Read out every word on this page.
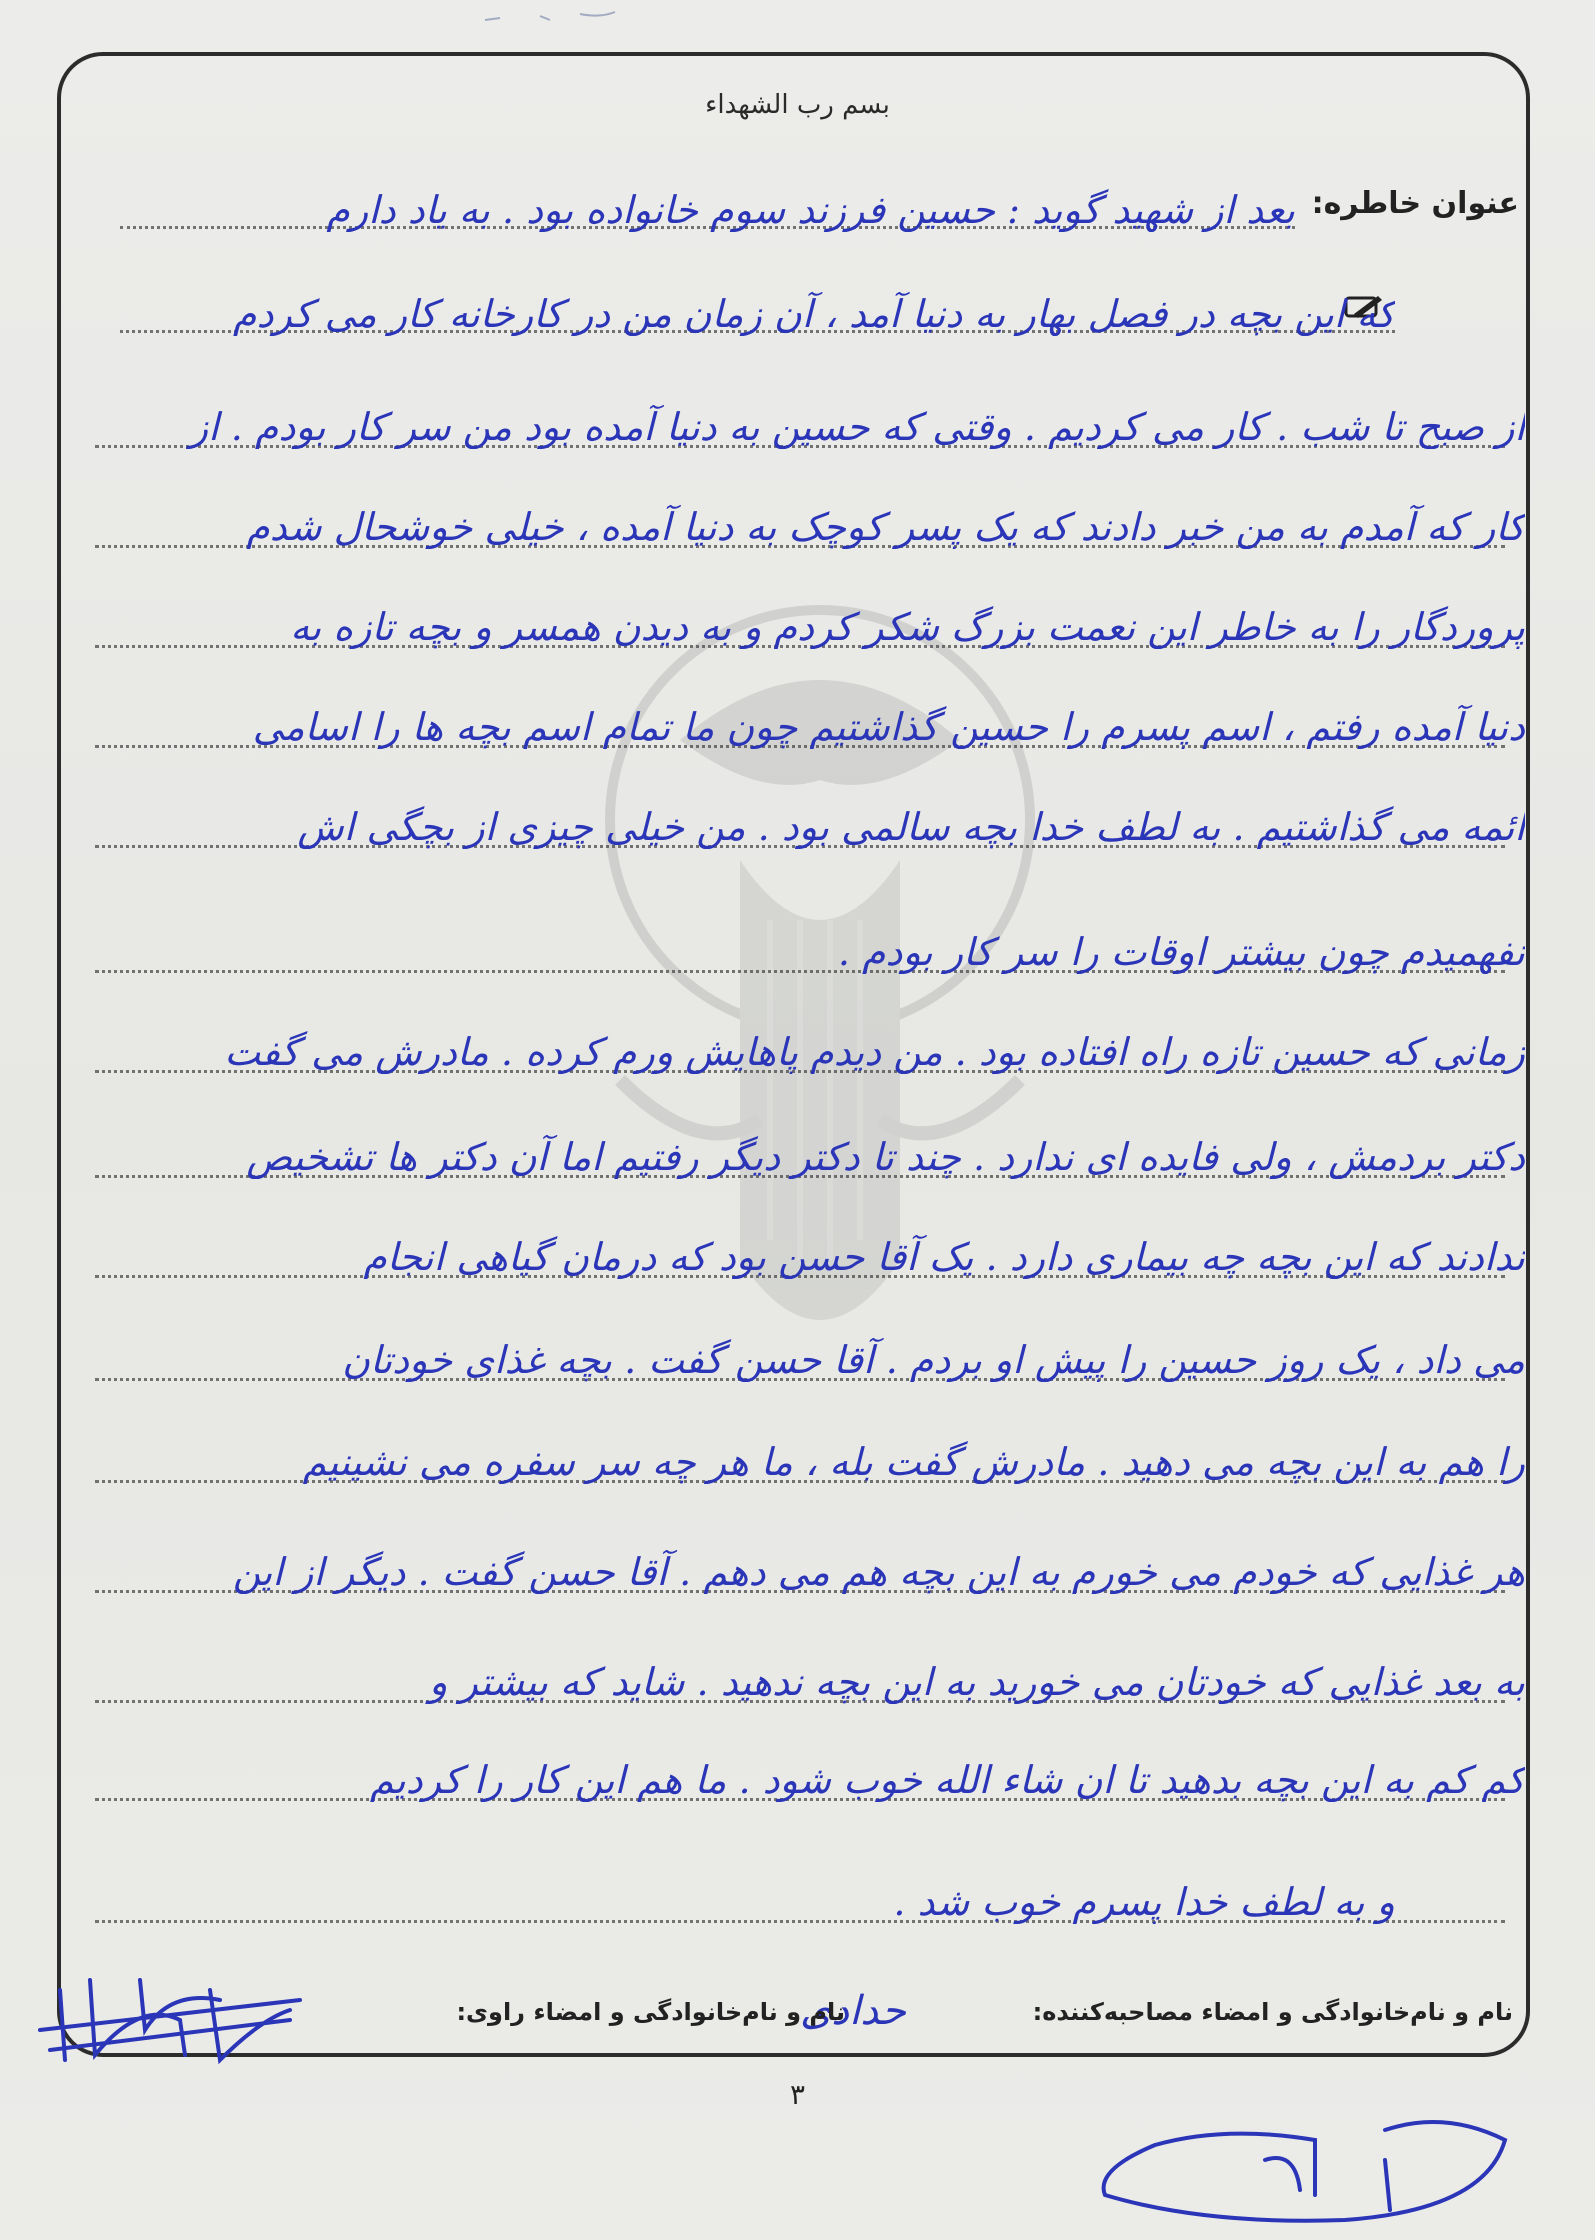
بسم رب الشهداء
عنوان خاطره:
بعد از شهید گوید : حسین فرزند سوم خانواده بود . به یاد دارم
که این بچه در فصل بهار به دنیا آمد ، آن زمان من در کارخانه کار می کردم
از صبح تا شب . کار می کردیم . وقتی که حسین به دنیا آمده بود من سر کار بودم . از
کار که آمدم به من خبر دادند که یک پسر کوچک به دنیا آمده ، خیلی خوشحال شدم
پروردگار را به خاطر این نعمت بزرگ شکر کردم و به دیدن همسر و بچه تازه به
دنیا آمده رفتم ، اسم پسرم را حسین گذاشتیم چون ما تمام اسم بچه ها را اسامی
ائمه می گذاشتیم . به لطف خدا بچه سالمی بود . من خیلی چیزی از بچگی اش
نفهمیدم چون بیشتر اوقات را سر کار بودم .
زمانی که حسین تازه راه افتاده بود . من دیدم پاهایش ورم کرده . مادرش می گفت
دکتر بردمش ، ولی فایده ای ندارد . چند تا دکتر دیگر رفتیم اما آن دکتر ها تشخیص
ندادند که این بچه چه بیماری دارد . یک آقا حسن بود که درمان گیاهی انجام
می داد ، یک روز حسین را پیش او بردم . آقا حسن گفت . بچه غذای خودتان
را هم به این بچه می دهید . مادرش گفت بله ، ما هر چه سر سفره می نشینیم
هر غذایی که خودم می خورم به این بچه هم می دهم . آقا حسن گفت . دیگر از این
به بعد غذایی که خودتان می خورید به این بچه ندهید . شاید که بیشتر و
کم کم به این بچه بدهید تا ان شاء الله خوب شود . ما هم این کار را کردیم
و به لطف خدا پسرم خوب شد .
نام و نام‌خانوادگی و امضاء مصاحبه‌کننده:
حدادی
نام و نام‌خانوادگی و امضاء راوی:
۳
